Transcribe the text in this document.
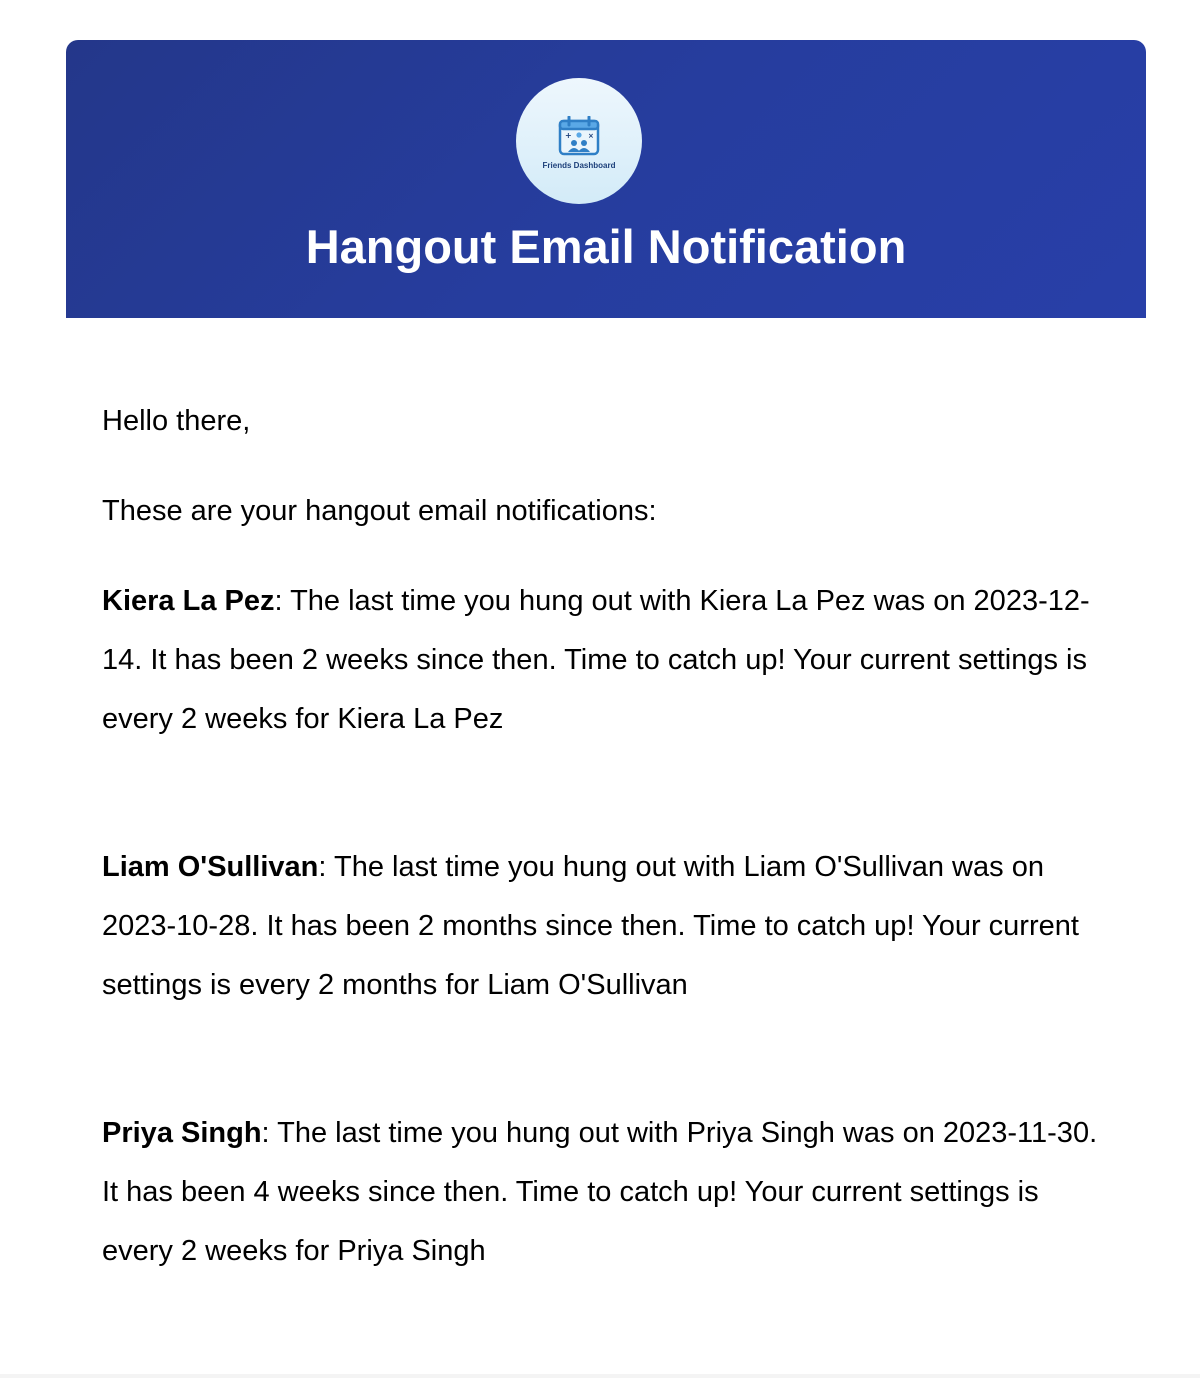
+ ×
Friends Dashboard
Hangout Email Notification

Hello there,

These are your hangout email notifications:

Kiera La Pez: The last time you hung out with Kiera La Pez was on 2023-12-14. It has been 2 weeks since then. Time to catch up! Your current settings is every 2 weeks for Kiera La Pez

Liam O'Sullivan: The last time you hung out with Liam O'Sullivan was on 2023-10-28. It has been 2 months since then. Time to catch up! Your current settings is every 2 months for Liam O'Sullivan

Priya Singh: The last time you hung out with Priya Singh was on 2023-11-30. It has been 4 weeks since then. Time to catch up! Your current settings is every 2 weeks for Priya Singh
